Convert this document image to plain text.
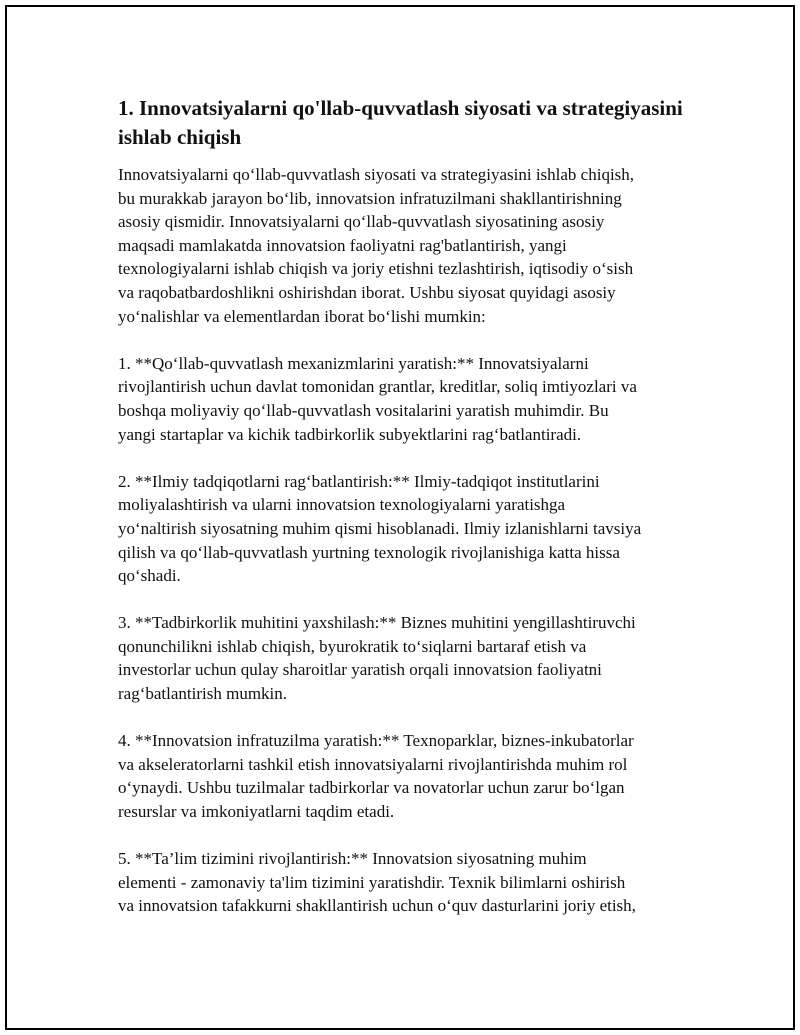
1. Innovatsiyalarni qo'llab-quvvatlash siyosati va strategiyasini
ishlab chiqish

Innovatsiyalarni qo‘llab-quvvatlash siyosati va strategiyasini ishlab chiqish,
bu murakkab jarayon bo‘lib, innovatsion infratuzilmani shakllantirishning
asosiy qismidir. Innovatsiyalarni qo‘llab-quvvatlash siyosatining asosiy
maqsadi mamlakatda innovatsion faoliyatni rag'batlantirish, yangi
texnologiyalarni ishlab chiqish va joriy etishni tezlashtirish, iqtisodiy o‘sish
va raqobatbardoshlikni oshirishdan iborat. Ushbu siyosat quyidagi asosiy
yo‘nalishlar va elementlardan iborat bo‘lishi mumkin:

1. **Qo‘llab-quvvatlash mexanizmlarini yaratish:** Innovatsiyalarni
rivojlantirish uchun davlat tomonidan grantlar, kreditlar, soliq imtiyozlari va
boshqa moliyaviy qo‘llab-quvvatlash vositalarini yaratish muhimdir. Bu
yangi startaplar va kichik tadbirkorlik subyektlarini rag‘batlantiradi.

2. **Ilmiy tadqiqotlarni rag‘batlantirish:** Ilmiy-tadqiqot institutlarini
moliyalashtirish va ularni innovatsion texnologiyalarni yaratishga
yo‘naltirish siyosatning muhim qismi hisoblanadi. Ilmiy izlanishlarni tavsiya
qilish va qo‘llab-quvvatlash yurtning texnologik rivojlanishiga katta hissa
qo‘shadi.

3. **Tadbirkorlik muhitini yaxshilash:** Biznes muhitini yengillashtiruvchi
qonunchilikni ishlab chiqish, byurokratik to‘siqlarni bartaraf etish va
investorlar uchun qulay sharoitlar yaratish orqali innovatsion faoliyatni
rag‘batlantirish mumkin.

4. **Innovatsion infratuzilma yaratish:** Texnoparklar, biznes-inkubatorlar
va akseleratorlarni tashkil etish innovatsiyalarni rivojlantirishda muhim rol
o‘ynaydi. Ushbu tuzilmalar tadbirkorlar va novatorlar uchun zarur bo‘lgan
resurslar va imkoniyatlarni taqdim etadi.

5. **Ta’lim tizimini rivojlantirish:** Innovatsion siyosatning muhim
elementi - zamonaviy ta'lim tizimini yaratishdir. Texnik bilimlarni oshirish
va innovatsion tafakkurni shakllantirish uchun o‘quv dasturlarini joriy etish,
